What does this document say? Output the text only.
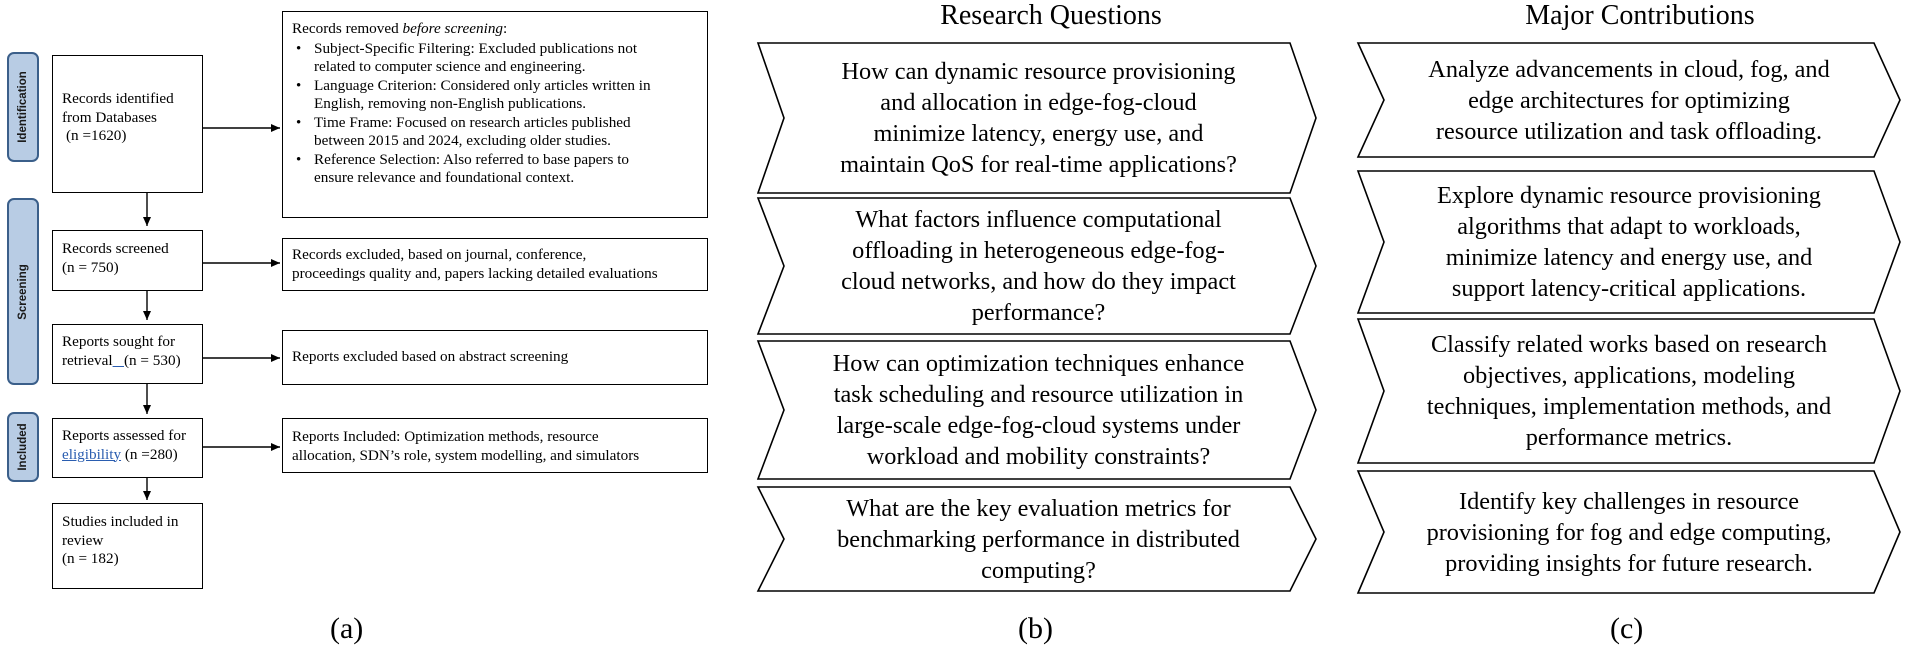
Identification
Screening
Included
Records identified
from Databases
(n =1620)
Records removed before screening:
• Subject-Specific Filtering: Excluded publications not
related to computer science and engineering.
• Language Criterion: Considered only articles written in
English, removing non-English publications.
• Time Frame: Focused on research articles published
between 2015 and 2024, excluding older studies.
• Reference Selection: Also referred to base papers to
ensure relevance and foundational context.
Records screened
(n = 750)
Records excluded, based on journal, conference,
proceedings quality and, papers lacking detailed evaluations
Reports sought for
retrieval (n = 530)	Reports excluded based on abstract screening
Reports assessed for
eligibility (n =280)
Reports Included: Optimization methods, resource
allocation, SDN’s role, system modelling, and simulators
Studies included in
review
(n = 182)
(a)
Research Questions
How can dynamic resource provisioning
and allocation in edge-fog-cloud
minimize latency, energy use, and
maintain QoS for real-time applications?
What factors influence computational
offloading in heterogeneous edge-fog-
cloud networks, and how do they impact
performance?
How can optimization techniques enhance
task scheduling and resource utilization in
large-scale edge-fog-cloud systems under
workload and mobility constraints?
What are the key evaluation metrics for
benchmarking performance in distributed
computing?
(b)
Major Contributions
Analyze advancements in cloud, fog, and
edge architectures for optimizing
resource utilization and task offloading.
Explore dynamic resource provisioning
algorithms that adapt to workloads,
minimize latency and energy use, and
support latency-critical applications.
Classify related works based on research
objectives, applications, modeling
techniques, implementation methods, and
performance metrics.
Identify key challenges in resource
provisioning for fog and edge computing,
providing insights for future research.
(c)
